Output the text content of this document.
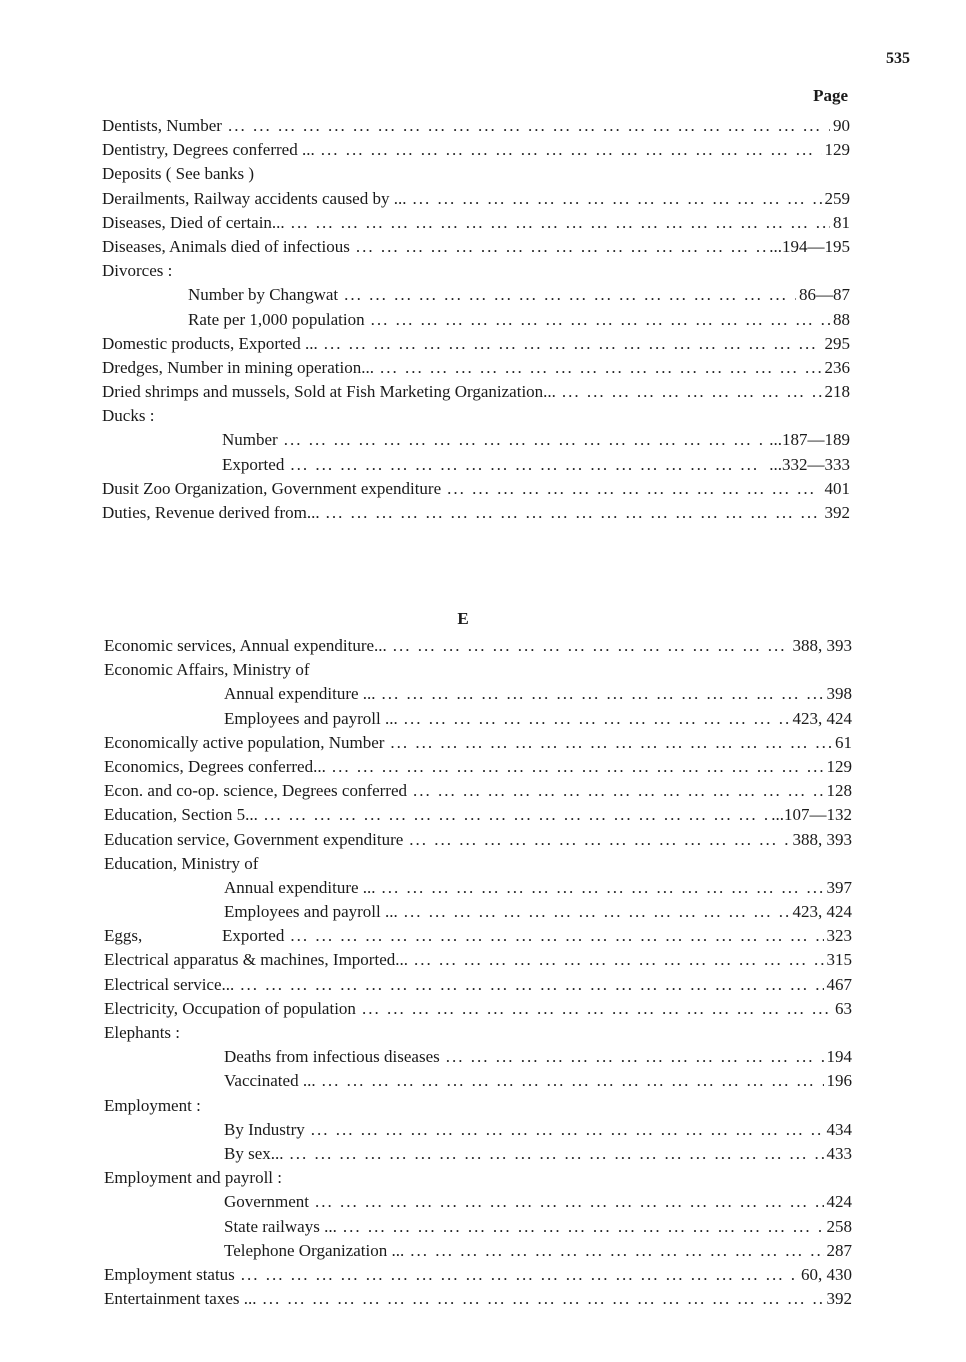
535
Page
Dentists, Number ... .	90
Dentistry, Degrees conferred ... ... .	129
Deposits ( See banks )
Derailments, Railway accidents caused by ... ... .	259
Diseases, Died of certain... ... .	81
Diseases, Animals died of infectious ... .	...194—195
Divorces :
Number by Changwat ... .	86—87
Rate per 1,000 population ... .	88
Domestic products, Exported ... ... .	295
Dredges, Number in mining operation... ... .	236
Dried shrimps and mussels, Sold at Fish Marketing Organization... ... .	218
Ducks :
Number ... .	...187—189
Exported ... .	...332—333
Dusit Zoo Organization, Government expenditure ... .	401
Duties, Revenue derived from... ... .	392
E
Economic services, Annual expenditure... ... .	388, 393
Economic Affairs, Ministry of
Annual expenditure ... ... .	398
Employees and payroll ... ... .	423, 424
Economically active population, Number ... .	61
Economics, Degrees conferred... ... .	129
Econ. and co-op. science, Degrees conferred ... .	128
Education, Section 5... ... .	...107—132
Education service, Government expenditure ... .	388, 393
Education, Ministry of
Annual expenditure ... ... .	397
Employees and payroll ... ... .	423, 424
Eggs,	Exported ... .	323
Electrical apparatus & machines, Imported... ... .	315
Electrical service... ... .	467
Electricity, Occupation of population ... .	63
Elephants :
Deaths from infectious diseases ... .	194
Vaccinated ... ... .	196
Employment :
By Industry ... .	434
By sex... ... .	433
Employment and payroll :
Government ... .	424
State railways ... ... .	258
Telephone Organization ... ... .	287
Employment status ... .	60, 430
Entertainment taxes ... ... .	392
